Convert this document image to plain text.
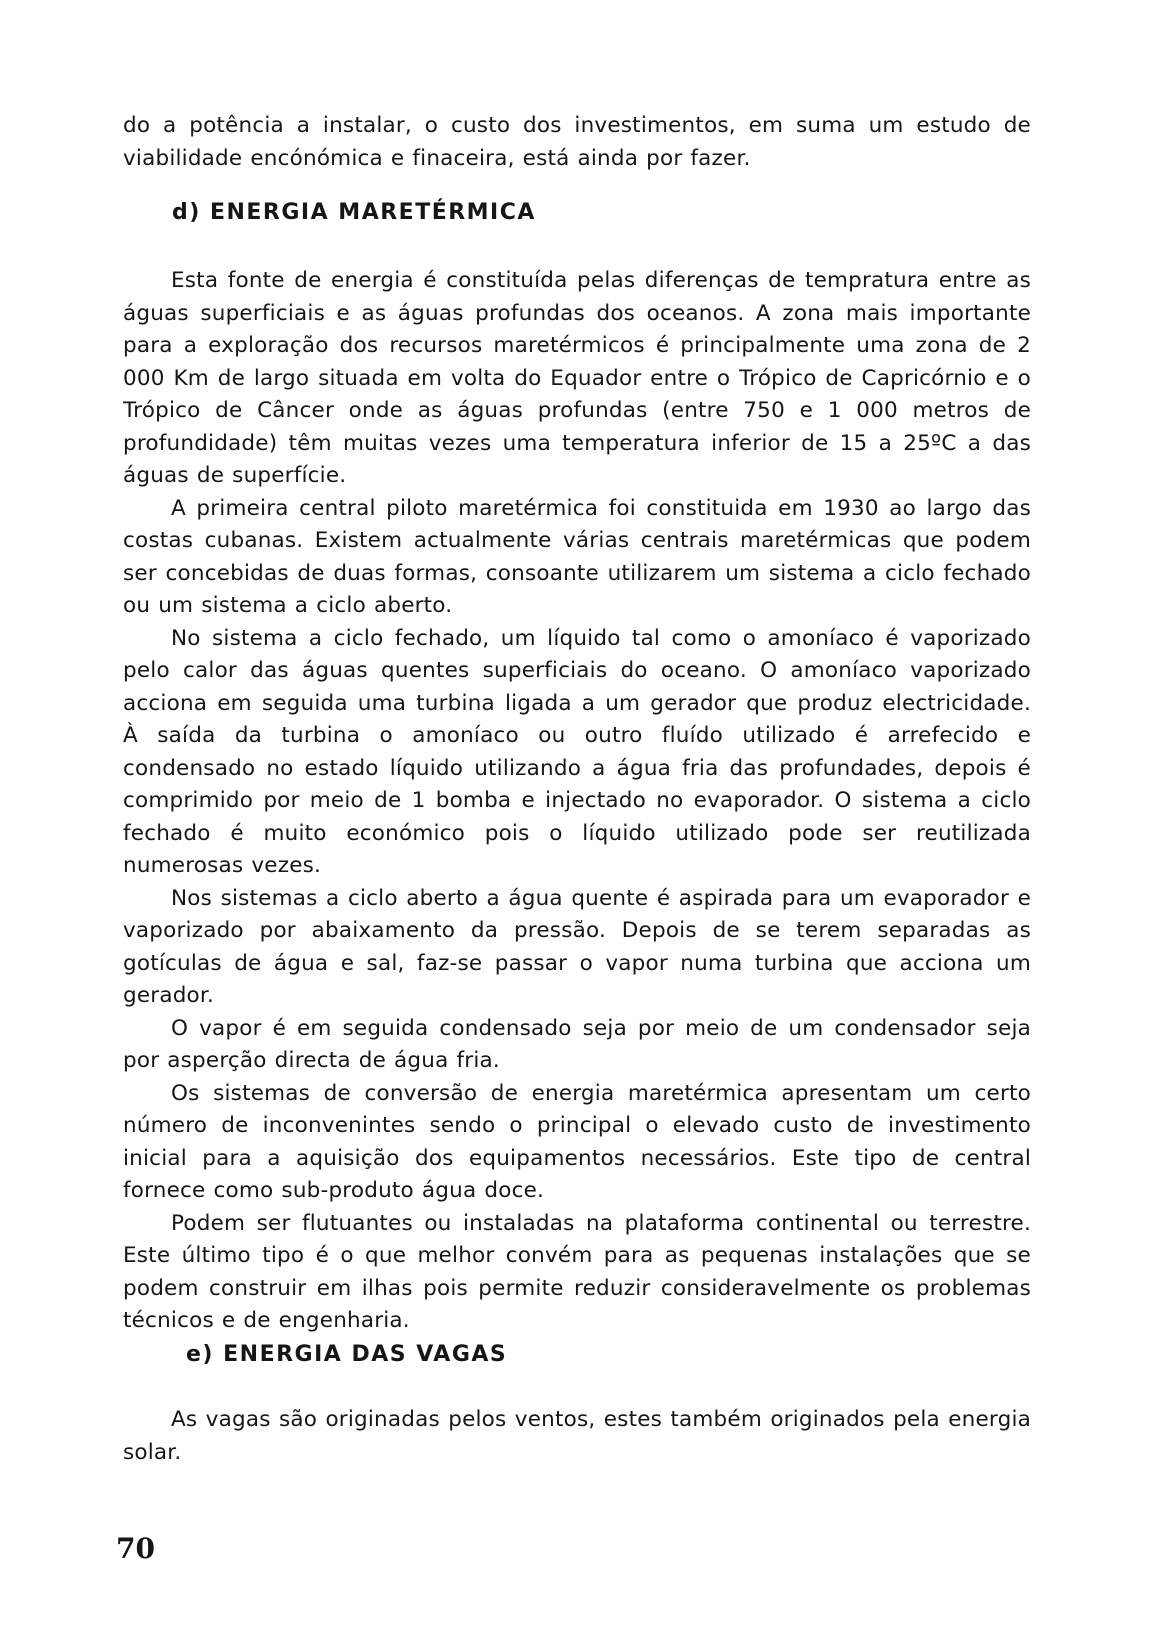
do a potência a instalar, o custo dos investimentos, em suma um estudo de viabilidade encónómica e finaceira, está ainda por fazer.

d) ENERGIA MARETÉRMICA

Esta fonte de energia é constituída pelas diferenças de tempratura entre as águas superficiais e as águas profundas dos oceanos. A zona mais importante para a exploração dos recursos maretérmicos é principalmente uma zona de 2 000 Km de largo situada em volta do Equador entre o Trópico de Capricórnio e o Trópico de Câncer onde as águas profundas (entre 750 e 1 000 metros de profundidade) têm muitas vezes uma temperatura inferior de 15 a 25ºC a das águas de superfície.

A primeira central piloto maretérmica foi constituida em 1930 ao largo das costas cubanas. Existem actualmente várias centrais maretérmicas que podem ser concebidas de duas formas, consoante utilizarem um sistema a ciclo fechado ou um sistema a ciclo aberto.

No sistema a ciclo fechado, um líquido tal como o amoníaco é vaporizado pelo calor das águas quentes superficiais do oceano. O amoníaco vaporizado acciona em seguida uma turbina ligada a um gerador que produz electricidade. À saída da turbina o amoníaco ou outro fluído utilizado é arrefecido e condensado no estado líquido utilizando a água fria das profundades, depois é comprimido por meio de 1 bomba e injectado no evaporador. O sistema a ciclo fechado é muito económico pois o líquido utilizado pode ser reutilizada numerosas vezes.

Nos sistemas a ciclo aberto a água quente é aspirada para um evaporador e vaporizado por abaixamento da pressão. Depois de se terem separadas as gotículas de água e sal, faz-se passar o vapor numa turbina que acciona um gerador.

O vapor é em seguida condensado seja por meio de um condensador seja por asperção directa de água fria.

Os sistemas de conversão de energia maretérmica apresentam um certo número de inconvenintes sendo o principal o elevado custo de investimento inicial para a aquisição dos equipamentos necessários. Este tipo de central fornece como sub-produto água doce.

Podem ser flutuantes ou instaladas na plataforma continental ou terrestre. Este último tipo é o que melhor convém para as pequenas instalações que se podem construir em ilhas pois permite reduzir consideravelmente os problemas técnicos e de engenharia.

e) ENERGIA DAS VAGAS

As vagas são originadas pelos ventos, estes também originados pela energia solar.

70
